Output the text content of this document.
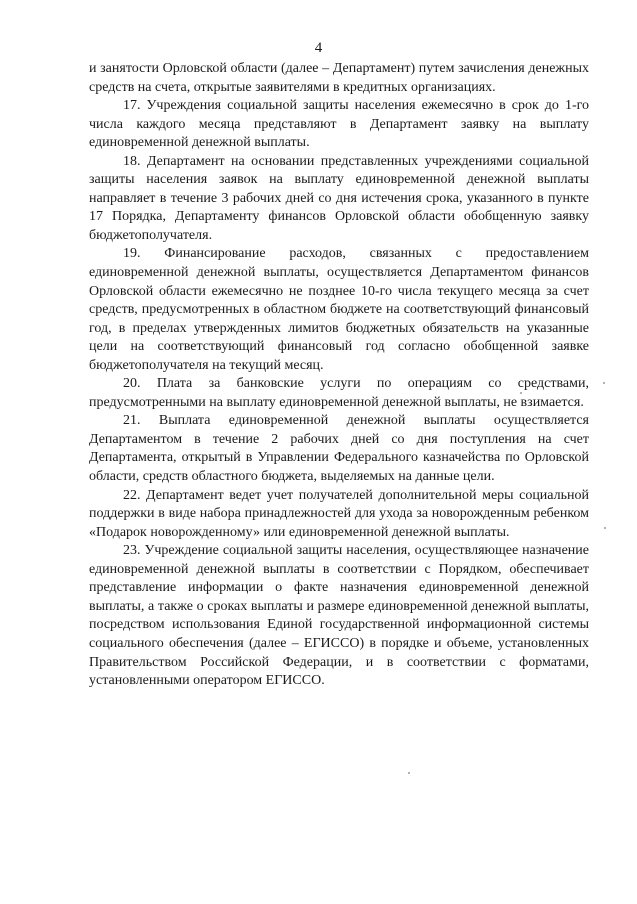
4

и занятости Орловской области (далее – Департамент) путем зачисления денежных средств на счета, открытые заявителями в кредитных организациях.

17. Учреждения социальной защиты населения ежемесячно в срок до 1-го числа каждого месяца представляют в Департамент заявку на выплату единовременной денежной выплаты.

18. Департамент на основании представленных учреждениями социальной защиты населения заявок на выплату единовременной денежной выплаты направляет в течение 3 рабочих дней со дня истечения срока, указанного в пункте 17 Порядка, Департаменту финансов Орловской области обобщенную заявку бюджетополучателя.

19. Финансирование расходов, связанных с предоставлением единовременной денежной выплаты, осуществляется Департаментом финансов Орловской области ежемесячно не позднее 10-го числа текущего месяца за счет средств, предусмотренных в областном бюджете на соответствующий финансовый год, в пределах утвержденных лимитов бюджетных обязательств на указанные цели на соответствующий финансовый год согласно обобщенной заявке бюджетополучателя на текущий месяц.

20. Плата за банковские услуги по операциям со средствами, предусмотренными на выплату единовременной денежной выплаты, не взимается.

21. Выплата единовременной денежной выплаты осуществляется Департаментом в течение 2 рабочих дней со дня поступления на счет Департамента, открытый в Управлении Федерального казначейства по Орловской области, средств областного бюджета, выделяемых на данные цели.

22. Департамент ведет учет получателей дополнительной меры социальной поддержки в виде набора принадлежностей для ухода за новорожденным ребенком «Подарок новорожденному» или единовременной денежной выплаты.

23. Учреждение социальной защиты населения, осуществляющее назначение единовременной денежной выплаты в соответствии с Порядком, обеспечивает представление информации о факте назначения единовременной денежной выплаты, а также о сроках выплаты и размере единовременной денежной выплаты, посредством использования Единой государственной информационной системы социального обеспечения (далее – ЕГИССО) в порядке и объеме, установленных Правительством Российской Федерации, и в соответствии с форматами, установленными оператором ЕГИССО.
